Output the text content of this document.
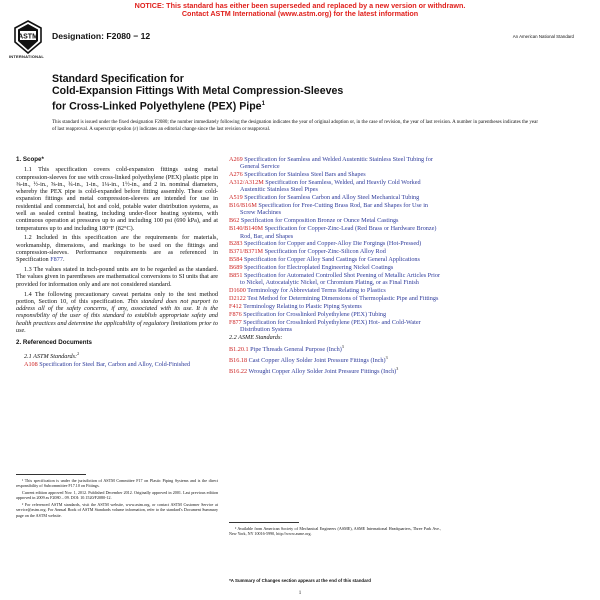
NOTICE: This standard has either been superseded and replaced by a new version or withdrawn.
Contact ASTM International (www.astm.org) for the latest information
ASTM
INTERNATIONAL
Designation: F2080 − 12	An American National Standard
Standard Specification for
Cold-Expansion Fittings With Metal Compression-Sleeves
for Cross-Linked Polyethylene (PEX) Pipe$^1$
This standard is issued under the fixed designation F2080; the number immediately following the designation indicates the year of original adoption or, in the case of revision, the year of last revision. A number in parentheses indicates the year of last reapproval. A superscript epsilon (ε) indicates an editorial change since the last revision or reapproval.
1. Scope*

1.1 This specification covers cold-expansion fittings using metal compression-sleeves for use with cross-linked polyethylene (PEX) plastic pipe in ⅜-in., ½-in., ⅝-in., ¾-in., 1-in., 1¼-in., 1½-in., and 2 in. nominal diameters, whereby the PEX pipe is cold-expanded before fitting assembly. These cold-expansion fittings and metal compression-sleeves are intended for use in residential and commercial, hot and cold, potable water distribution systems, as well as sealed central heating, including under-floor heating systems, with continuous operation at pressures up to and including 100 psi (690 kPa), and at temperatures up to and including 180°F (82°C).

1.2 Included in this specification are the requirements for materials, workmanship, dimensions, and markings to be used on the fittings and compression-sleeves. Performance requirements are as referenced in Specification F877.

1.3 The values stated in inch-pound units are to be regarded as the standard. The values given in parentheses are mathematical conversions to SI units that are provided for information only and are not considered standard.

1.4 The following precautionary caveat pertains only to the test method portion, Section 10, of this specification. This standard does not purport to address all of the safety concerns, if any, associated with its use. It is the responsibility of the user of this standard to establish appropriate safety and health practices and determine the applicability of regulatory limitations prior to use.

2. Referenced Documents
2.1 ASTM Standards:$^2$
A108 Specification for Steel Bar, Carbon and Alloy, Cold-Finished

¹ This specification is under the jurisdiction of ASTM Committee F17 on Plastic Piping Systems and is the direct responsibility of Subcommittee F17.10 on Fittings.

Current edition approved Nov. 1, 2012. Published December 2012. Originally approved in 2001. Last previous edition approved in 2009 as F2080 – 09. DOI: 10.1520/F2080-12.

² For referenced ASTM standards, visit the ASTM website, www.astm.org, or contact ASTM Customer Service at service@astm.org. For Annual Book of ASTM Standards volume information, refer to the standard's Document Summary page on the ASTM website.

A269 Specification for Seamless and Welded Austenitic Stainless Steel Tubing for General Service
A276 Specification for Stainless Steel Bars and Shapes
A312/A312M Specification for Seamless, Welded, and Heavily Cold Worked Austenitic Stainless Steel Pipes
A519 Specification for Seamless Carbon and Alloy Steel Mechanical Tubing
B16/B16M Specification for Free-Cutting Brass Rod, Bar and Shapes for Use in Screw Machines
B62 Specification for Composition Bronze or Ounce Metal Castings
B140/B140M Specification for Copper-Zinc-Lead (Red Brass or Hardware Bronze) Rod, Bar, and Shapes
B283 Specification for Copper and Copper-Alloy Die Forgings (Hot-Pressed)
B371/B371M Specification for Copper-Zinc-Silicon Alloy Rod
B584 Specification for Copper Alloy Sand Castings for General Applications
B689 Specification for Electroplated Engineering Nickel Coatings
B851 Specification for Automated Controlled Shot Peening of Metallic Articles Prior to Nickel, Autocatalytic Nickel, or Chromium Plating, or as Final Finish
D1600 Terminology for Abbreviated Terms Relating to Plastics
D2122 Test Method for Determining Dimensions of Thermoplastic Pipe and Fittings
F412 Terminology Relating to Plastic Piping Systems
F876 Specification for Crosslinked Polyethylene (PEX) Tubing
F877 Specification for Crosslinked Polyethylene (PEX) Hot- and Cold-Water Distribution Systems
2.2 ASME Standards:
B1.20.1 Pipe Threads General Purpose (Inch)$^3$
B16.18 Cast Copper Alloy Solder Joint Pressure Fittings (Inch)$^3$
B16.22 Wrought Copper Alloy Solder Joint Pressure Fittings (Inch)$^3$

³ Available from American Society of Mechanical Engineers (ASME), ASME International Headquarters, Three Park Ave., New York, NY 10016-5990, http://www.asme.org.

*A Summary of Changes section appears at the end of this standard
1
